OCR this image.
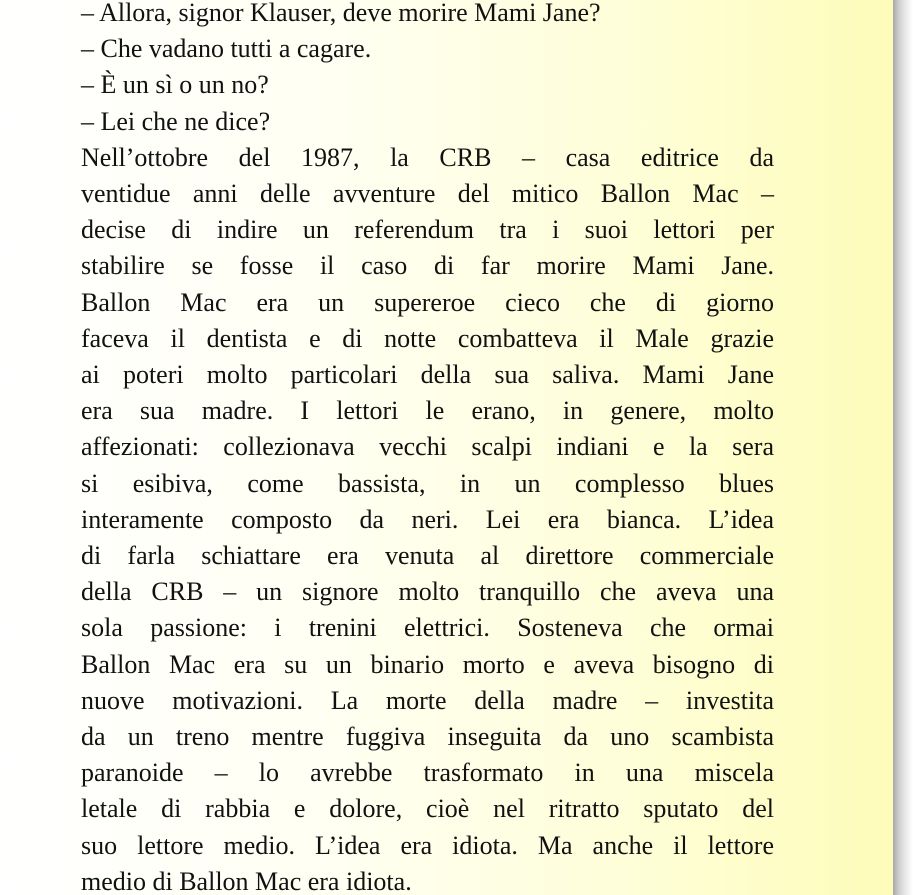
– Allora, signor Klauser, deve morire Mami Jane?
– Che vadano tutti a cagare.
– È un sì o un no?
– Lei che ne dice?
Nell’ottobre del 1987, la CRB – casa editrice da
ventidue anni delle avventure del mitico Ballon Mac –
decise di indire un referendum tra i suoi lettori per
stabilire se fosse il caso di far morire Mami Jane.
Ballon Mac era un supereroe cieco che di giorno
faceva il dentista e di notte combatteva il Male grazie
ai poteri molto particolari della sua saliva. Mami Jane
era sua madre. I lettori le erano, in genere, molto
affezionati: collezionava vecchi scalpi indiani e la sera
si esibiva, come bassista, in un complesso blues
interamente composto da neri. Lei era bianca. L’idea
di farla schiattare era venuta al direttore commerciale
della CRB – un signore molto tranquillo che aveva una
sola passione: i trenini elettrici. Sosteneva che ormai
Ballon Mac era su un binario morto e aveva bisogno di
nuove motivazioni. La morte della madre – investita
da un treno mentre fuggiva inseguita da uno scambista
paranoide – lo avrebbe trasformato in una miscela
letale di rabbia e dolore, cioè nel ritratto sputato del
suo lettore medio. L’idea era idiota. Ma anche il lettore
medio di Ballon Mac era idiota.
